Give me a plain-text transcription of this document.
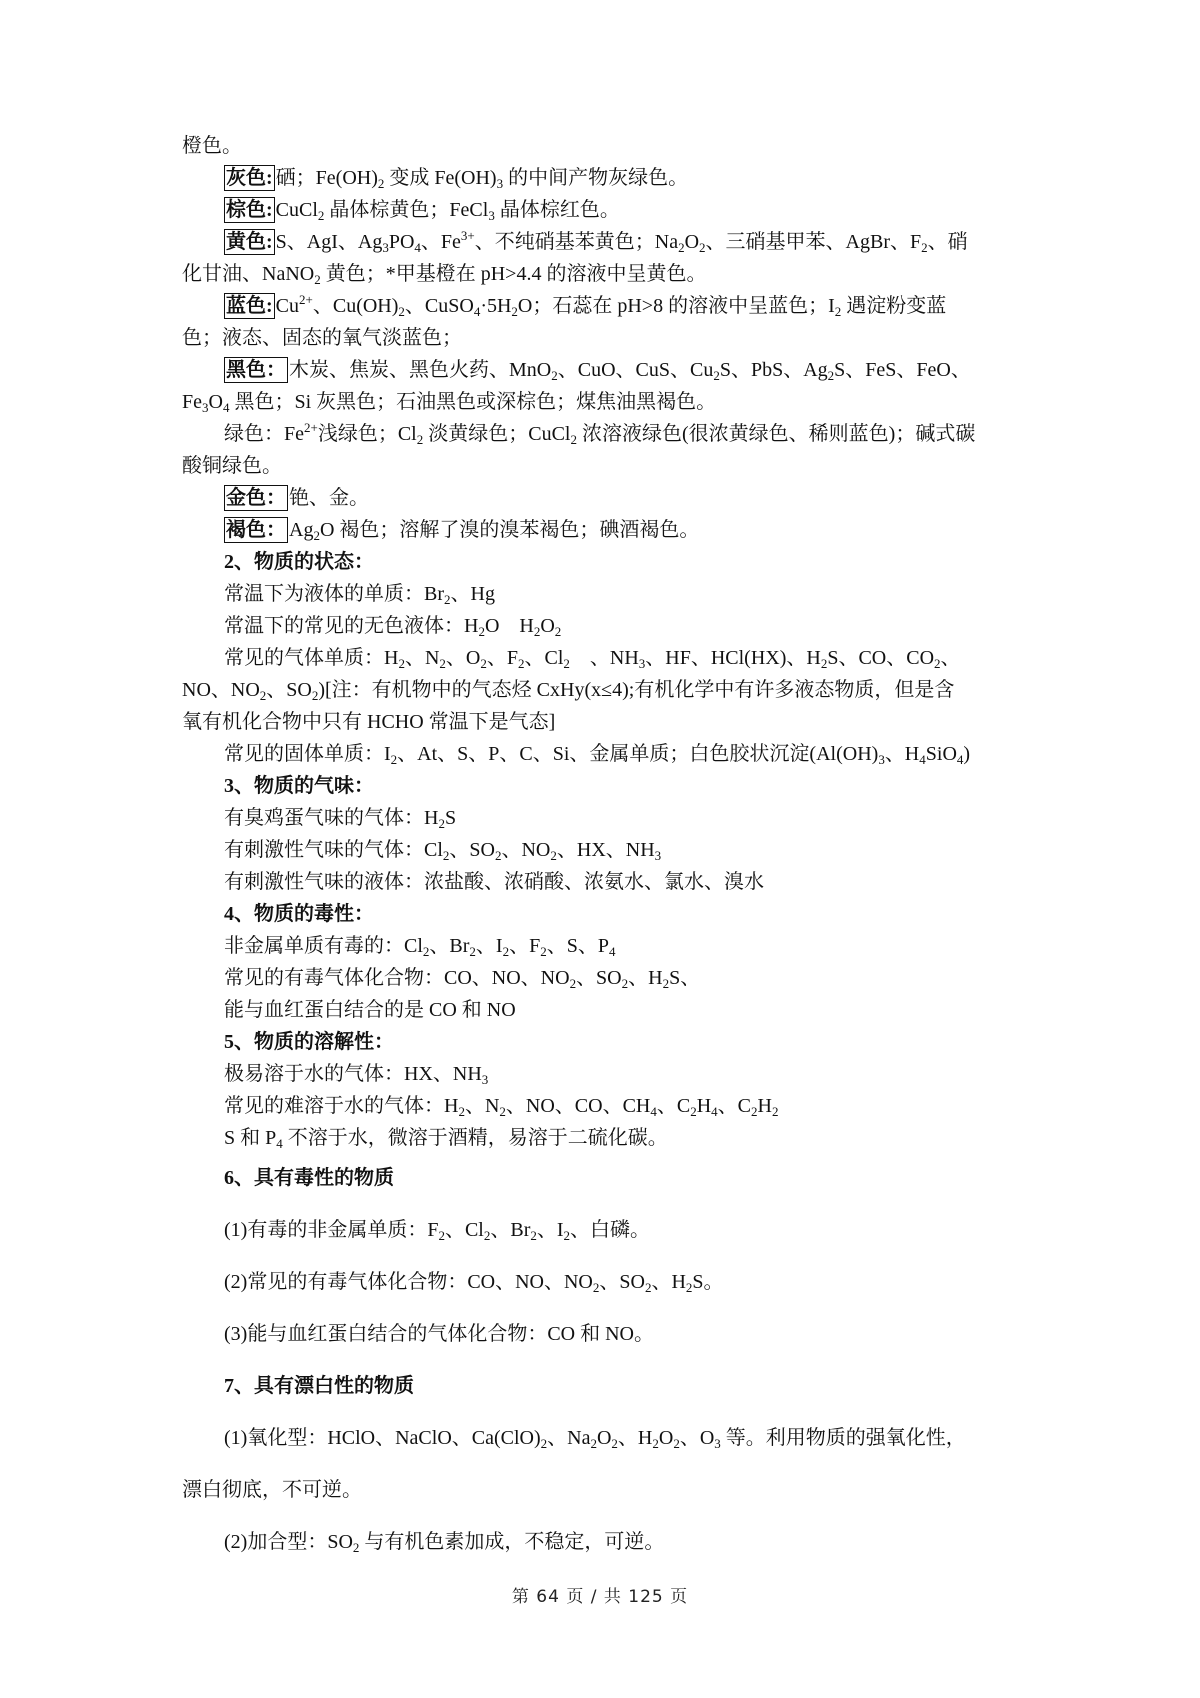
橙色。
灰色: 硒；$Fe(OH)_2$ 变成 $Fe(OH)_3$ 的中间产物灰绿色。
棕色: CuCl$_2$ 晶体棕黄色；FeCl$_3$ 晶体棕红色。
黄色: S、AgI、$Ag_3PO_4$、$Fe^{3+}$、不纯硝基苯黄色；$Na_2O_2$、三硝基甲苯、AgBr、$F_2$、硝
化甘油、NaNO$_2$ 黄色；*甲基橙在 pH>4.4 的溶液中呈黄色。
蓝色: $Cu^{2+}$、$Cu(OH)_2$、$CuSO_4\cdot 5H_2O$；石蕊在 pH>8 的溶液中呈蓝色；$I_2$ 遇淀粉变蓝
色；液态、固态的氧气淡蓝色；
黑色： 木炭、焦炭、黑色火药、MnO$_2$、CuO、CuS、$Cu_2S$、PbS、$Ag_2S$、FeS、FeO、
$Fe_3O_4$ 黑色；Si 灰黑色；石油黑色或深棕色；煤焦油黑褐色。
绿色：$Fe^{2+}$浅绿色；$Cl_2$ 淡黄绿色；CuCl$_2$ 浓溶液绿色(很浓黄绿色、稀则蓝色)；碱式碳
酸铜绿色。
金色： 铯、金。
褐色： $Ag_2O$ 褐色；溶解了溴的溴苯褐色；碘酒褐色。
2、物质的状态：
常温下为液体的单质：$Br_2$、Hg
常温下的常见的无色液体：$H_2O$　$H_2O_2$
常见的气体单质：$H_2$、$N_2$、$O_2$、$F_2$、$Cl_2$　、$NH_3$、HF、HCl(HX)、$H_2S$、CO、$CO_2$、
NO、$NO_2$、$SO_2$)[注：有机物中的气态烃 CxHy(x≤4);有机化学中有许多液态物质，但是含
氧有机化合物中只有 HCHO 常温下是气态]
常见的固体单质：$I_2$、At、S、P、C、Si、金属单质；白色胶状沉淀($Al(OH)_3$、$H_4SiO_4$)
3、物质的气味：
有臭鸡蛋气味的气体：$H_2S$
有刺激性气味的气体：$Cl_2$、$SO_2$、$NO_2$、HX、$NH_3$
有刺激性气味的液体：浓盐酸、浓硝酸、浓氨水、氯水、溴水
4、物质的毒性：
非金属单质有毒的：$Cl_2$、$Br_2$、$I_2$、$F_2$、S、$P_4$
常见的有毒气体化合物：CO、NO、$NO_2$、$SO_2$、$H_2S$、
能与血红蛋白结合的是 CO 和 NO
5、物质的溶解性：
极易溶于水的气体：HX、$NH_3$
常见的难溶于水的气体：$H_2$、$N_2$、NO、CO、$CH_4$、$C_2H_4$、$C_2H_2$
S 和 $P_4$ 不溶于水，微溶于酒精，易溶于二硫化碳。
6、具有毒性的物质
(1)有毒的非金属单质：$F_2$、$Cl_2$、$Br_2$、$I_2$、白磷。
(2)常见的有毒气体化合物：CO、NO、$NO_2$、$SO_2$、$H_2S$。
(3)能与血红蛋白结合的气体化合物：CO 和 NO。
7、具有漂白性的物质
(1)氧化型：HClO、NaClO、$Ca(ClO)_2$、$Na_2O_2$、$H_2O_2$、$O_3$ 等。利用物质的强氧化性，
漂白彻底，不可逆。
(2)加合型：$SO_2$ 与有机色素加成，不稳定，可逆。
第 64 页 / 共 125 页
